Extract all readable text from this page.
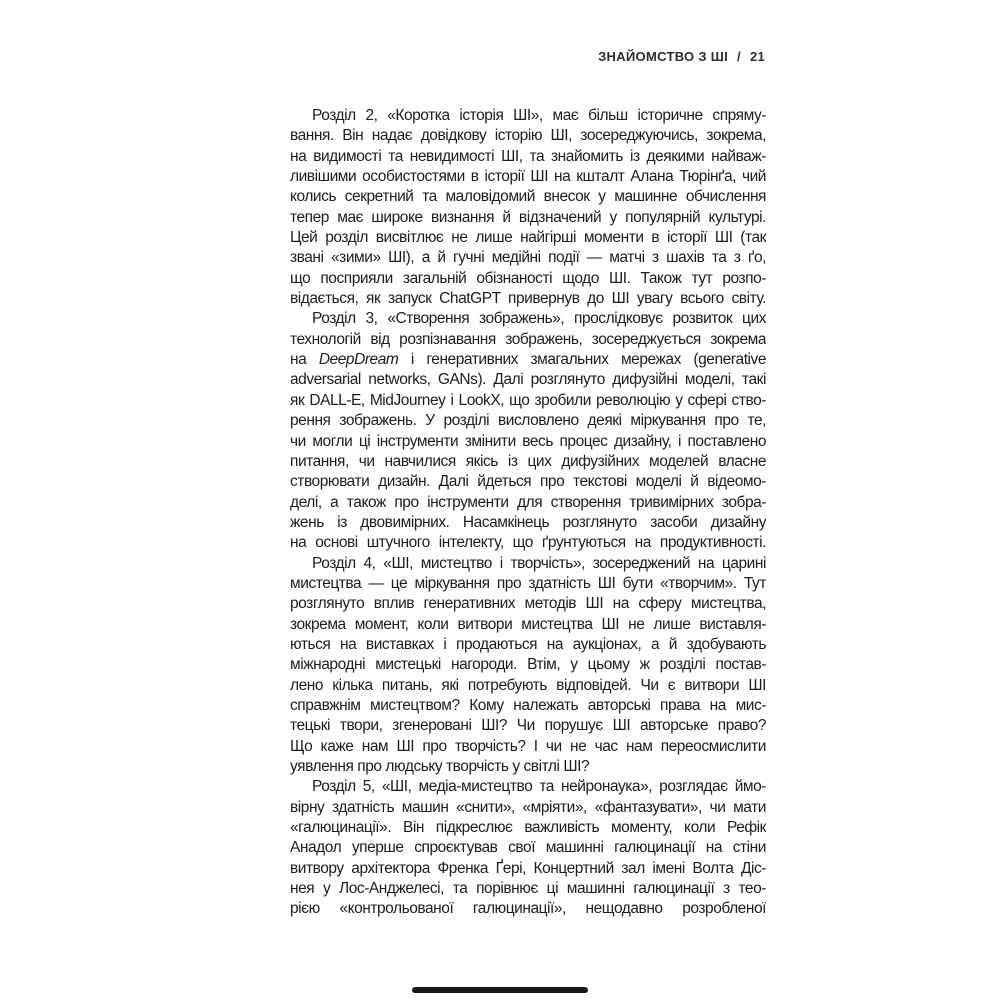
ЗНАЙОМСТВО З ШІ / 21
Розділ 2, «Коротка історія ШІ», має більш історичне спряму-
вання. Він надає довідкову історію ШІ, зосереджуючись, зокрема,
на видимості та невидимості ШІ, та знайомить із деякими найваж-
ливішими особистостями в історії ШІ на кшталт Алана Тюрінґа, чий
колись секретний та маловідомий внесок у машинне обчислення
тепер має широке визнання й відзначений у популярній культурі.
Цей розділ висвітлює не лише найгірші моменти в історії ШІ (так
звані «зими» ШІ), а й гучні медійні події — матчі з шахів та з ґо,
що посприяли загальній обізнаності щодо ШІ. Також тут розпо-
відається, як запуск ChatGPT привернув до ШІ увагу всього світу.
Розділ 3, «Створення зображень», прослідковує розвиток цих
технологій від розпізнавання зображень, зосереджується зокрема
на DeepDream і генеративних змагальних мережах (generative
adversarial networks, GANs). Далі розглянуто дифузійні моделі, такі
як DALL-E, MidJourney і LookX, що зробили революцію у сфері ство-
рення зображень. У розділі висловлено деякі міркування про те,
чи могли ці інструменти змінити весь процес дизайну, і поставлено
питання, чи навчилися якісь із цих дифузійних моделей власне
створювати дизайн. Далі йдеться про текстові моделі й відеомо-
делі, а також про інструменти для створення тривимірних зобра-
жень із двовимірних. Насамкінець розглянуто засоби дизайну
на основі штучного інтелекту, що ґрунтуються на продуктивності.
Розділ 4, «ШІ, мистецтво і творчість», зосереджений на царині
мистецтва — це міркування про здатність ШІ бути «творчим». Тут
розглянуто вплив генеративних методів ШІ на сферу мистецтва,
зокрема момент, коли витвори мистецтва ШІ не лише виставля-
ються на виставках і продаються на аукціонах, а й здобувають
міжнародні мистецькі нагороди. Втім, у цьому ж розділі постав-
лено кілька питань, які потребують відповідей. Чи є витвори ШІ
справжнім мистецтвом? Кому належать авторські права на мис-
тецькі твори, згенеровані ШІ? Чи порушує ШІ авторське право?
Що каже нам ШІ про творчість? І чи не час нам переосмислити
уявлення про людську творчість у світлі ШІ?
Розділ 5, «ШІ, медіа-мистецтво та нейронаука», розглядає ймо-
вірну здатність машин «снити», «мріяти», «фантазувати», чи мати
«галюцинації». Він підкреслює важливість моменту, коли Рефік
Анадол уперше спроєктував свої машинні галюцинації на стіни
витвору архітектора Френка Ґері, Концертний зал імені Волта Діс-
нея у Лос-Анджелесі, та порівнює ці машинні галюцинації з тео-
рією «контрольованої галюцинації», нещодавно розробленої
